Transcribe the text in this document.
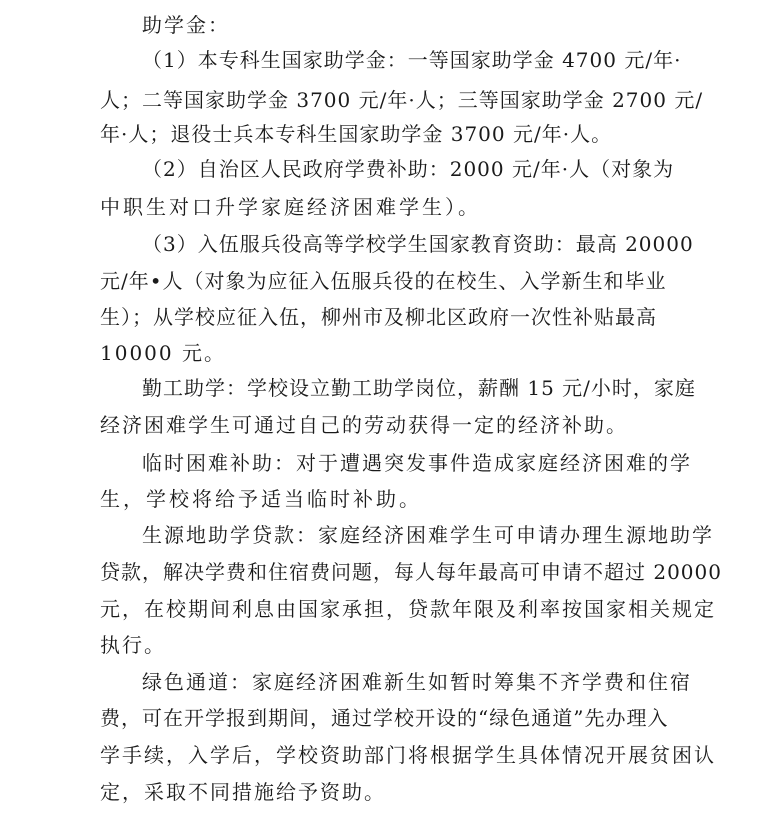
助学金：
（1）本专科生国家助学金：一等国家助学金 4700 元/年·
人；二等国家助学金 3700 元/年·人；三等国家助学金 2700 元/
年·人；退役士兵本专科生国家助学金 3700 元/年·人。
（2）自治区人民政府学费补助：2000 元/年·人（对象为
中职生对口升学家庭经济困难学生）。
（3）入伍服兵役高等学校学生国家教育资助：最高 20000
元/年•人（对象为应征入伍服兵役的在校生、入学新生和毕业
生）；从学校应征入伍，柳州市及柳北区政府一次性补贴最高
10000 元。
勤工助学：学校设立勤工助学岗位，薪酬 15 元/小时，家庭
经济困难学生可通过自己的劳动获得一定的经济补助。
临时困难补助：对于遭遇突发事件造成家庭经济困难的学
生，学校将给予适当临时补助。
生源地助学贷款：家庭经济困难学生可申请办理生源地助学
贷款，解决学费和住宿费问题，每人每年最高可申请不超过 20000
元，在校期间利息由国家承担，贷款年限及利率按国家相关规定
执行。
绿色通道：家庭经济困难新生如暂时筹集不齐学费和住宿
费，可在开学报到期间，通过学校开设的“绿色通道”先办理入
学手续，入学后，学校资助部门将根据学生具体情况开展贫困认
定，采取不同措施给予资助。
